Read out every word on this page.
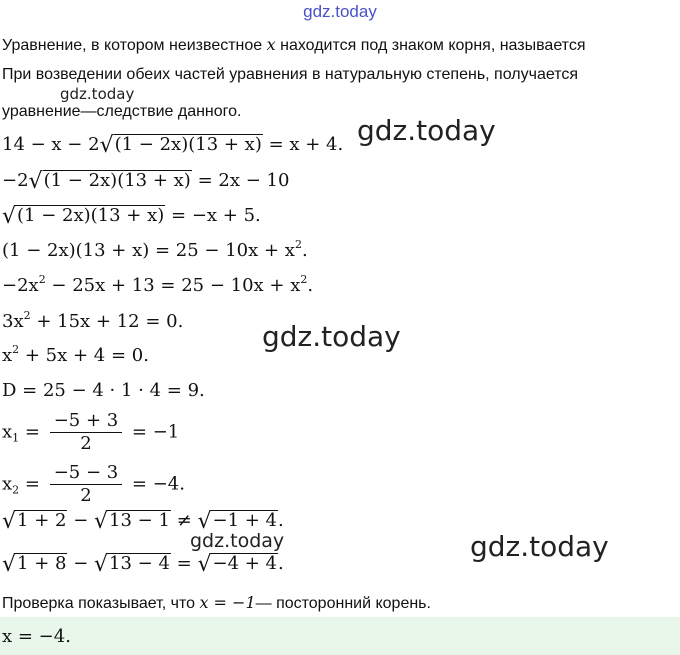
gdz.today
Уравнение, в котором неизвестное x находится под знаком корня, называется
При возведении обеих частей уравнения в натуральную степень, получается
уравнение—следствие данного.
14 − x − 2√(1 − 2x)(13 + x) = x + 4.
−2√(1 − 2x)(13 + x) = 2x − 10
√(1 − 2x)(13 + x) = −x + 5.
$(1 - 2x)(13 + x) = 25 - 10x + x^2$.
$-2x^2 - 25x + 13 = 25 - 10x + x^2$.
$3x^2 + 15x + 12 = 0$.
$x^2 + 5x + 4 = 0$.
D = 25 − 4 · 1 · 4 = 9.
$x_1 = \frac{-5 + 3}{2} = -1$
$x_2 = \frac{-5 - 3}{2} = -4$.
√1 + 2 − √13 − 1 ≠ √−1 + 4.
√1 + 8 − √13 − 4 = √−4 + 4.
Проверка показывает, что x = −1— посторонний корень.
x = −4.
gdz.today
gdz.today
gdz.today
gdz.today	gdz.today
